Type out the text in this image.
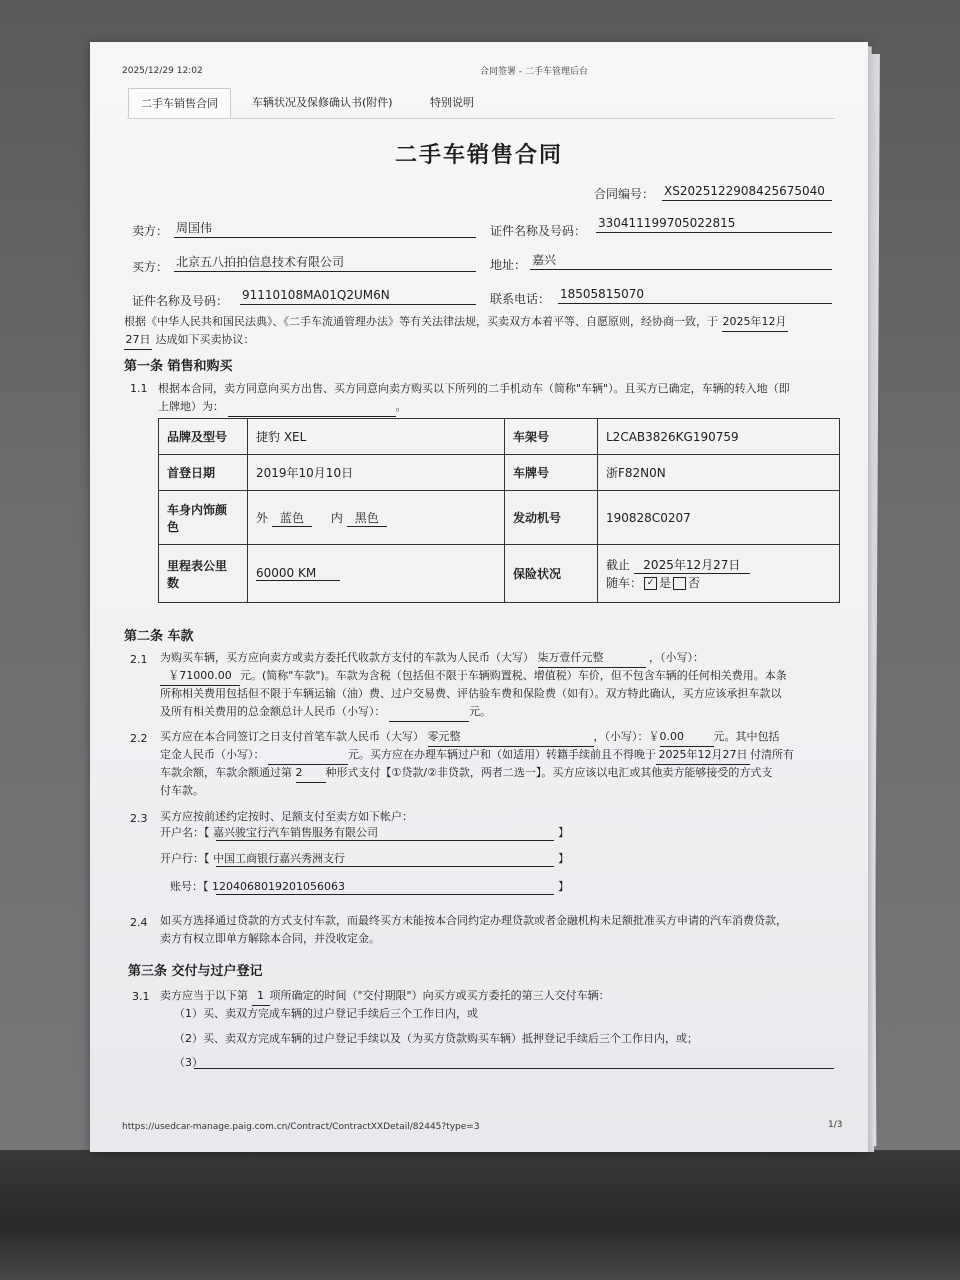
2025/12/29 12:02	合同签署 - 二手车管理后台
二手车销售合同	车辆状况及保修确认书(附件)	特别说明
二手车销售合同
合同编号： XS2025122908425675040
卖方： 周国伟	证件名称及号码：
330411199705022815
买方： 北京五八拍拍信息技术有限公司	地址： 嘉兴
证件名称及号码： 91110108MA01Q2UM6N	联系电话： 18505815070
根据《中华人民共和国民法典》、《二手车流通管理办法》等有关法律法规，买卖双方本着平等、自愿原则，经协商一致，于 2025年12月
27日 达成如下买卖协议：
第一条 销售和购买
1.1 根据本合同，卖方同意向买方出售、买方同意向卖方购买以下所列的二手机动车（简称"车辆"）。且买方已确定，车辆的转入地（即
上牌地）为：	。
品牌及型号	捷豹 XEL	车架号	L2CAB3826KG190759
首登日期	2019年10月10日	车牌号	浙F82N0N
车身内饰颜
色	外 蓝色 内 黑色	发动机号	190828C0207
里程表公里
数	60000 KM	保险状况	截止 2025年12月27日
随车： ✓ 是 否
第二条 车款
2.1 为购买车辆，买方应向卖方或卖方委托代收款方支付的车款为人民币（大写） 柒万壹仟元整	，（小写）：
￥71000.00 元。(简称"车款")。车款为含税（包括但不限于车辆购置税、增值税）车价，但不包含车辆的任何相关费用。本条
所称相关费用包括但不限于车辆运输（油）费、过户交易费、评估验车费和保险费（如有）。双方特此确认，买方应该承担车款以
及所有相关费用的总金额总计人民币（小写）：	元。
2.2 买方应在本合同签订之日支付首笔车款人民币（大写） 零元整	，（小写）：￥0.00	元。其中包括
定金人民币（小写）：	元。买方应在办理车辆过户和（如适用）转籍手续前且不得晚于 2025年12月27日 付清所有
车款余额，车款余额通过第 2 种形式支付【①贷款/②非贷款，两者二选一】。买方应该以电汇或其他卖方能够接受的方式支
付车款。
2.3 买方应按前述约定按时、足额支付至卖方如下帐户：
开户名：【 嘉兴骏宝行汽车销售服务有限公司	】
开户行：【 中国工商银行嘉兴秀洲支行	】
账号：【 1204068019201056063	】
2.4 如买方选择通过贷款的方式支付车款，而最终买方未能按本合同约定办理贷款或者金融机构未足额批准买方申请的汽车消费贷款，
卖方有权立即单方解除本合同，并没收定金。
第三条 交付与过户登记
3.1 卖方应当于以下第 1 项所确定的时间（"交付期限"）向买方或买方委托的第三人交付车辆：
（1）买、卖双方完成车辆的过户登记手续后三个工作日内，或
（2）买、卖双方完成车辆的过户登记手续以及（为买方贷款购买车辆）抵押登记手续后三个工作日内，或；
（3）
https://usedcar-manage.paig.com.cn/Contract/ContractXXDetail/82445?type=3	1/3
